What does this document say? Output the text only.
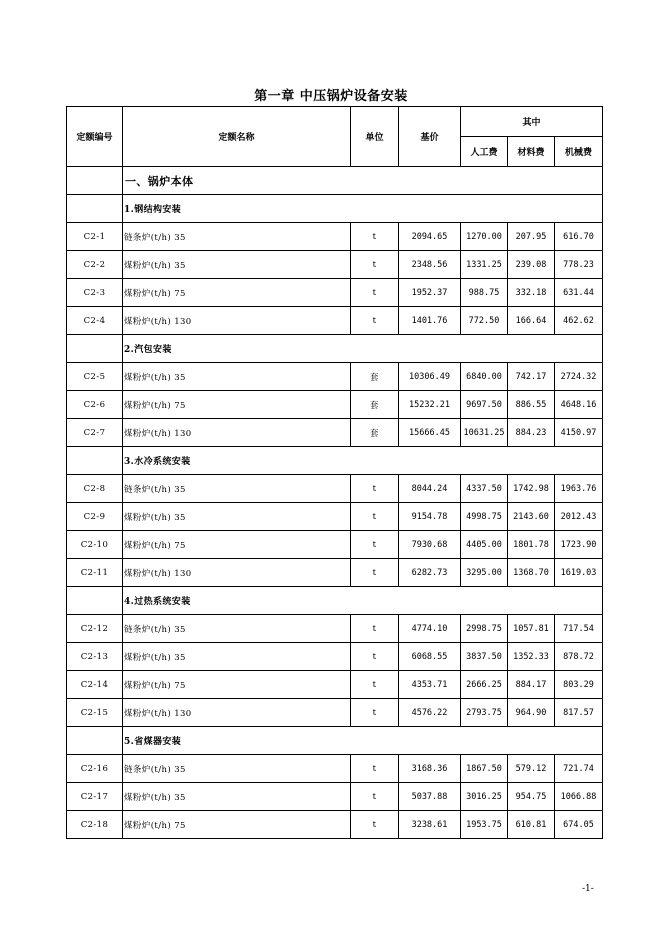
第一章 中压锅炉设备安装
定额编号	定额名称	单位	基价	其中		
				人工费	材料费	机械费
	一、锅炉本体					
	1.钢结构安装					
C2-1	链条炉(t/h) 35	t	2094.65	1270.00	207.95	616.70
C2-2	煤粉炉(t/h) 35	t	2348.56	1331.25	239.08	778.23
C2-3	煤粉炉(t/h) 75	t	1952.37	988.75	332.18	631.44
C2-4	煤粉炉(t/h) 130	t	1401.76	772.50	166.64	462.62
	2.汽包安装					
C2-5	煤粉炉(t/h) 35	套	10306.49	6840.00	742.17	2724.32
C2-6	煤粉炉(t/h) 75	套	15232.21	9697.50	886.55	4648.16
C2-7	煤粉炉(t/h) 130	套	15666.45	10631.25	884.23	4150.97
	3.水冷系统安装					
C2-8	链条炉(t/h) 35	t	8044.24	4337.50	1742.98	1963.76
C2-9	煤粉炉(t/h) 35	t	9154.78	4998.75	2143.60	2012.43
C2-10	煤粉炉(t/h) 75	t	7930.68	4405.00	1801.78	1723.90
C2-11	煤粉炉(t/h) 130	t	6282.73	3295.00	1368.70	1619.03
	4.过热系统安装					
C2-12	链条炉(t/h) 35	t	4774.10	2998.75	1057.81	717.54
C2-13	煤粉炉(t/h) 35	t	6068.55	3837.50	1352.33	878.72
C2-14	煤粉炉(t/h) 75	t	4353.71	2666.25	884.17	803.29
C2-15	煤粉炉(t/h) 130	t	4576.22	2793.75	964.90	817.57
	5.省煤器安装					
C2-16	链条炉(t/h) 35	t	3168.36	1867.50	579.12	721.74
C2-17	煤粉炉(t/h) 35	t	5037.88	3016.25	954.75	1066.88
C2-18	煤粉炉(t/h) 75	t	3238.61	1953.75	610.81	674.05
-1-
